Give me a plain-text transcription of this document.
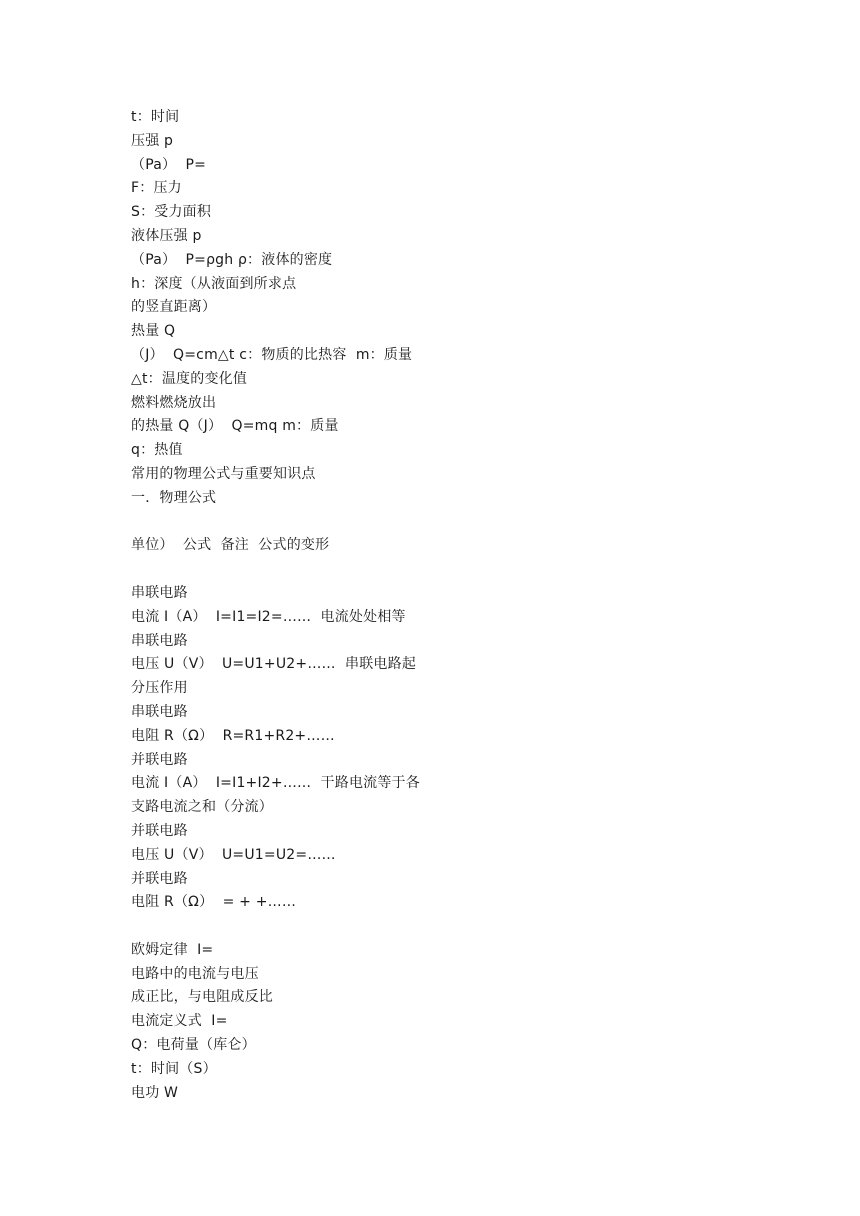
t：时间
压强 p
（Pa）  P=
F：压力
S：受力面积
液体压强 p
（Pa）  P=ρgh ρ：液体的密度
h：深度（从液面到所求点
的竖直距离）
热量 Q
（J）  Q=cm△t c：物质的比热容  m：质量
△t：温度的变化值
燃料燃烧放出
的热量 Q（J）  Q=mq m：质量
q：热值
常用的物理公式与重要知识点
一．物理公式
单位）  公式  备注  公式的变形
串联电路
电流 I（A）  I=I1=I2=……  电流处处相等
串联电路
电压 U（V）  U=U1+U2+……  串联电路起
分压作用
串联电路
电阻 R（Ω）  R=R1+R2+……
并联电路
电流 I（A）  I=I1+I2+……  干路电流等于各
支路电流之和（分流）
并联电路
电压 U（V）  U=U1=U2=……
并联电路
电阻 R（Ω）  = + +……
欧姆定律  I=
电路中的电流与电压
成正比，与电阻成反比
电流定义式  I=
Q：电荷量（库仑）
t：时间（S）
电功 W
